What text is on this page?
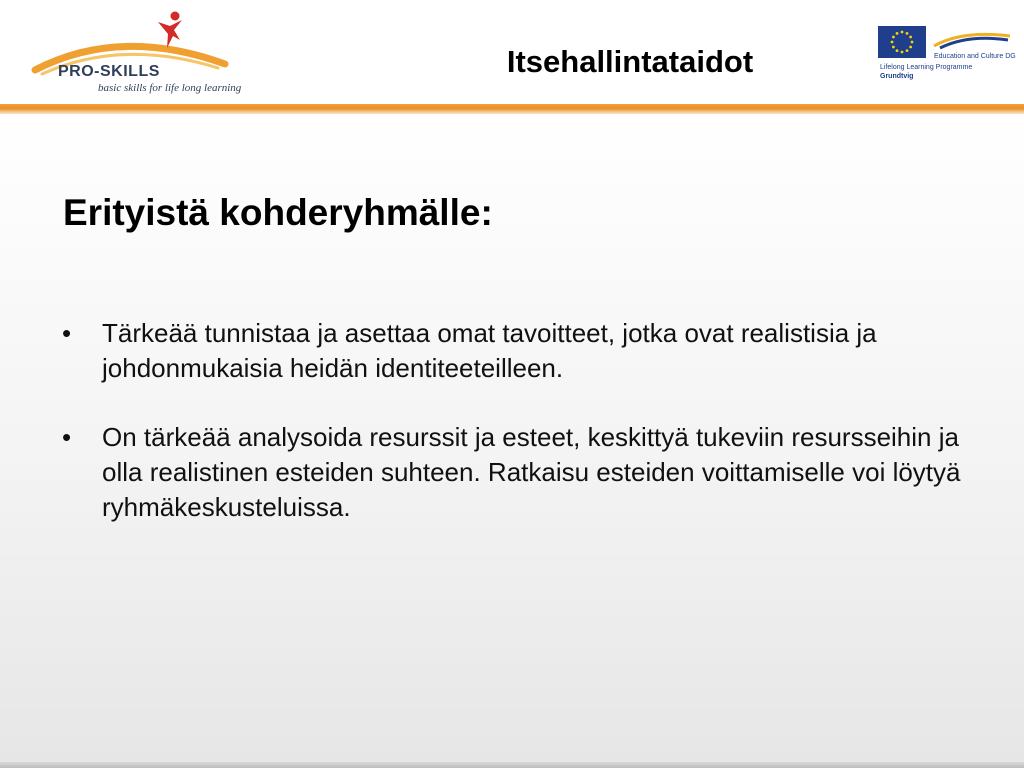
PRO-SKILLS
basic skills for life long learning
Itsehallintataidot	Education and Culture DG
Lifelong Learning Programme
Grundtvig
Erityistä kohderyhmälle:
•	Tärkeää tunnistaa ja asettaa omat tavoitteet, jotka ovat realistisia ja johdonmukaisia heidän identiteeteilleen.
•	On tärkeää analysoida resurssit ja esteet, keskittyä tukeviin resursseihin ja olla realistinen esteiden suhteen. Ratkaisu esteiden voittamiselle voi löytyä ryhmäkeskusteluissa.
